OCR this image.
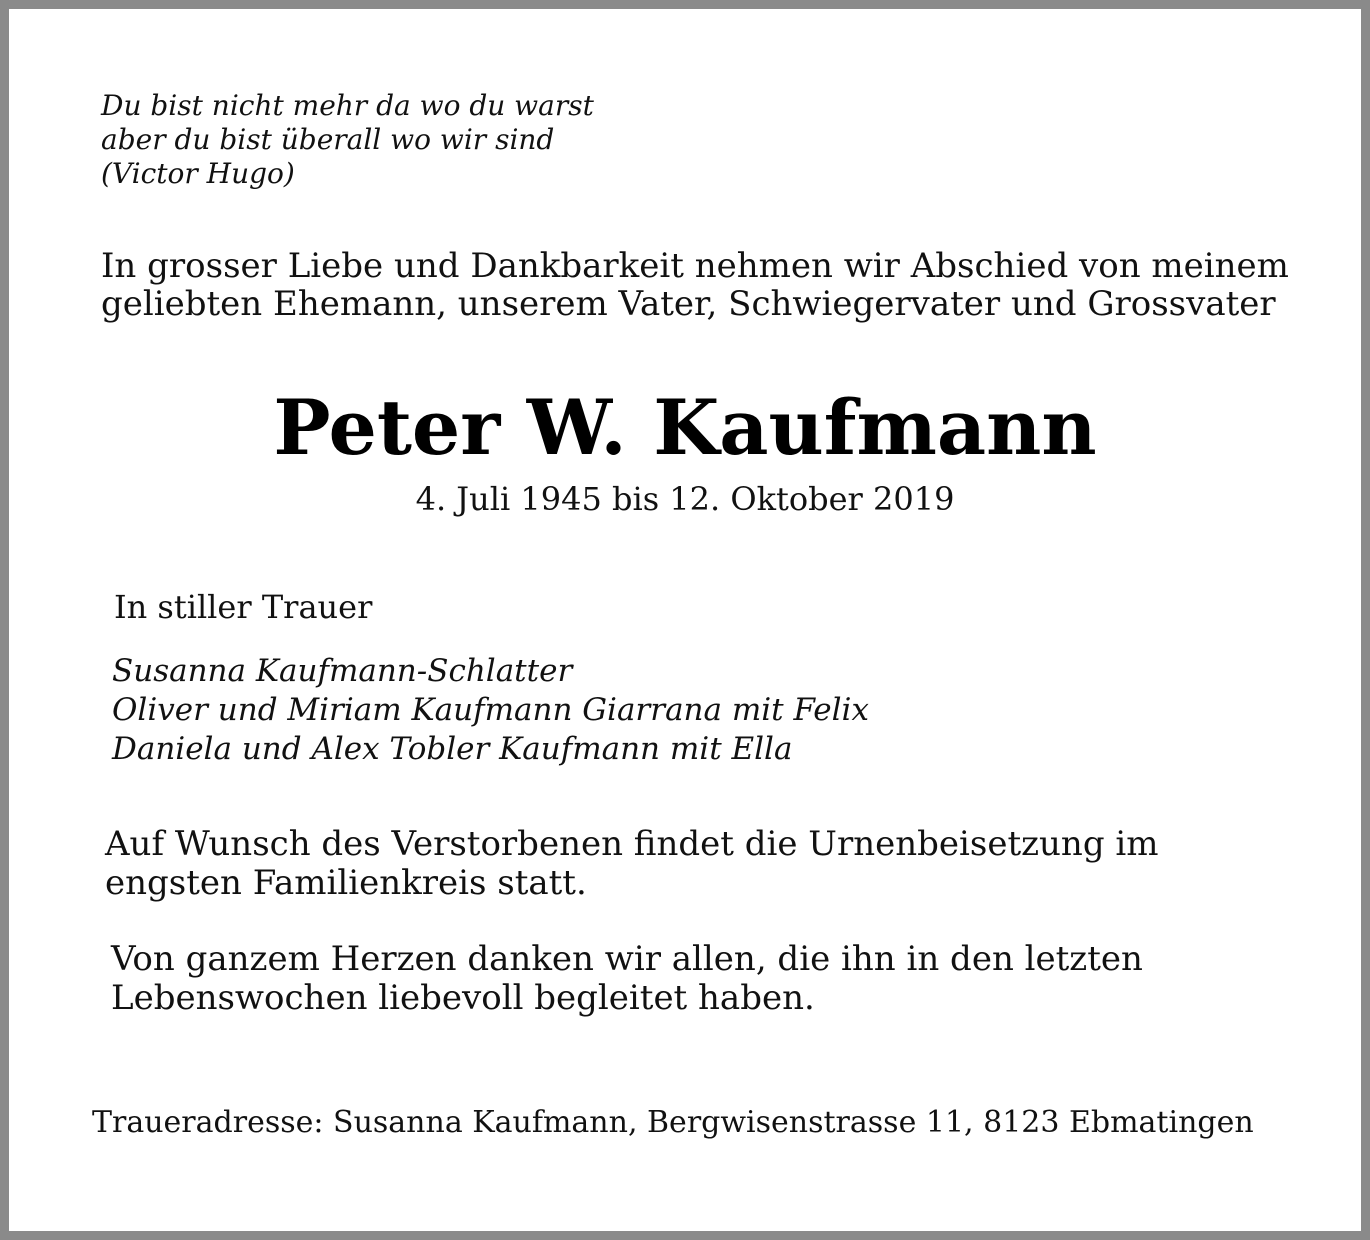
Du bist nicht mehr da wo du warst
aber du bist überall wo wir sind
(Victor Hugo)
In grosser Liebe und Dankbarkeit nehmen wir Abschied von meinem
geliebten Ehemann, unserem Vater, Schwiegervater und Grossvater
Peter W. Kaufmann
4. Juli 1945 bis 12. Oktober 2019
In stiller Trauer
Susanna Kaufmann-Schlatter
Oliver und Miriam Kaufmann Giarrana mit Felix
Daniela und Alex Tobler Kaufmann mit Ella
Auf Wunsch des Verstorbenen findet die Urnenbeisetzung im
engsten Familienkreis statt.
Von ganzem Herzen danken wir allen, die ihn in den letzten
Lebenswochen liebevoll begleitet haben.
Traueradresse: Susanna Kaufmann, Bergwisenstrasse 11, 8123 Ebmatingen
